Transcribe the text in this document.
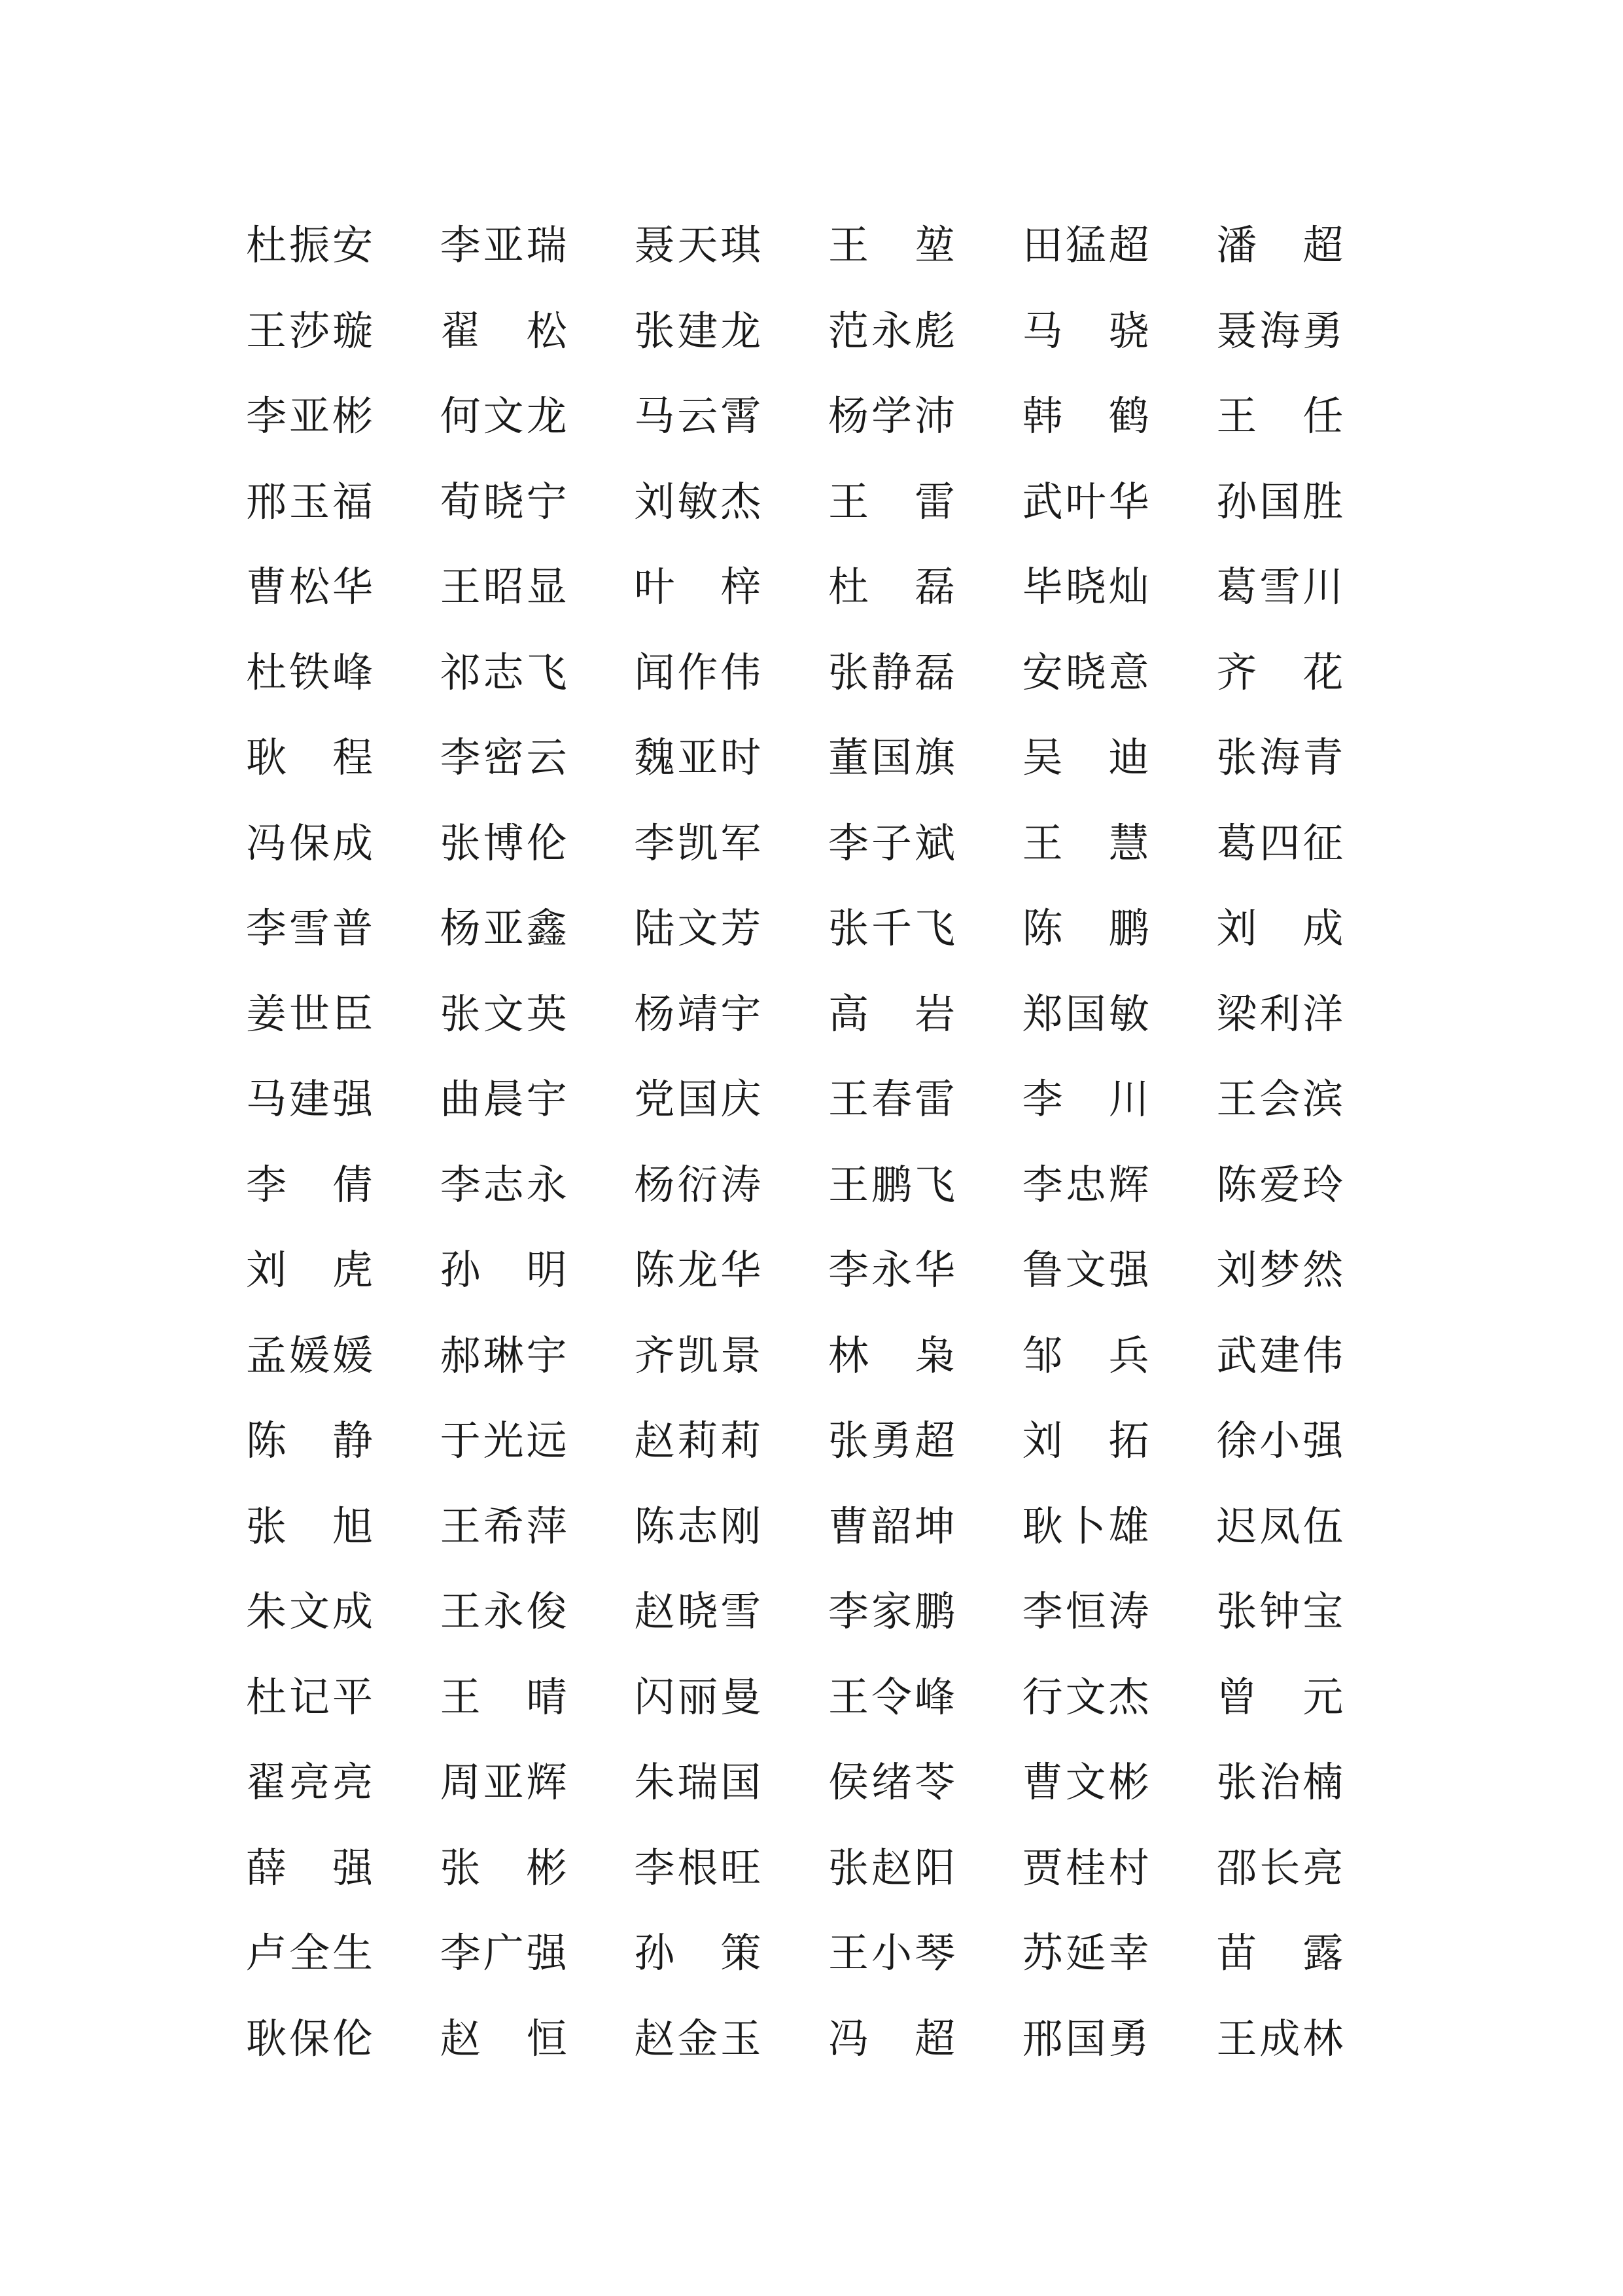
杜 振 安 李 亚 瑞 聂 天 琪 王 堃 田 猛 超 潘 超
王 莎 璇 翟 松 张 建 龙 范 永 彪 马 骁 聂 海 勇
李 亚 彬 何 文 龙 马 云 霄 杨 学 沛 韩 鹤 王 任
邢 玉 福 荀 晓 宁 刘 敏 杰 王 雷 武 叶 华 孙 国 胜
曹 松 华 王 昭 显 叶 梓 杜 磊 毕 晓 灿 葛 雪 川
杜 铁 峰 祁 志 飞 闻 作 伟 张 静 磊 安 晓 意 齐 花
耿 程 李 密 云 魏 亚 时 董 国 旗 吴 迪 张 海 青
冯 保 成 张 博 伦 李 凯 军 李 子 斌 王 慧 葛 四 征
李 雪 普 杨 亚 鑫 陆 文 芳 张 千 飞 陈 鹏 刘 成
姜 世 臣 张 文 英 杨 靖 宇 高 岩 郑 国 敏 梁 利 洋
马 建 强 曲 晨 宇 党 国 庆 王 春 雷 李 川 王 会 滨
李 倩 李 志 永 杨 衍 涛 王 鹏 飞 李 忠 辉 陈 爱 玲
刘 虎 孙 明 陈 龙 华 李 永 华 鲁 文 强 刘 梦 然
孟 媛 媛 郝 琳 宇 齐 凯 景 林 枭 邹 兵 武 建 伟
陈 静 于 光 远 赵 莉 莉 张 勇 超 刘 拓 徐 小 强
张 旭 王 希 萍 陈 志 刚 曹 韶 坤 耿 卜 雄 迟 凤 伍
朱 文 成 王 永 俊 赵 晓 雪 李 家 鹏 李 恒 涛 张 钟 宝
杜 记 平 王 晴 闪 丽 曼 王 令 峰 行 文 杰 曾 元
翟 亮 亮 周 亚 辉 朱 瑞 国 侯 绪 苓 曹 文 彬 张 治 楠
薛 强 张 彬 李 根 旺 张 赵 阳 贾 桂 村 邵 长 亮
卢 全 生 李 广 强 孙 策 王 小 琴 苏 延 幸 苗 露
耿 保 伦 赵 恒 赵 金 玉 冯 超 邢 国 勇 王 成 林
